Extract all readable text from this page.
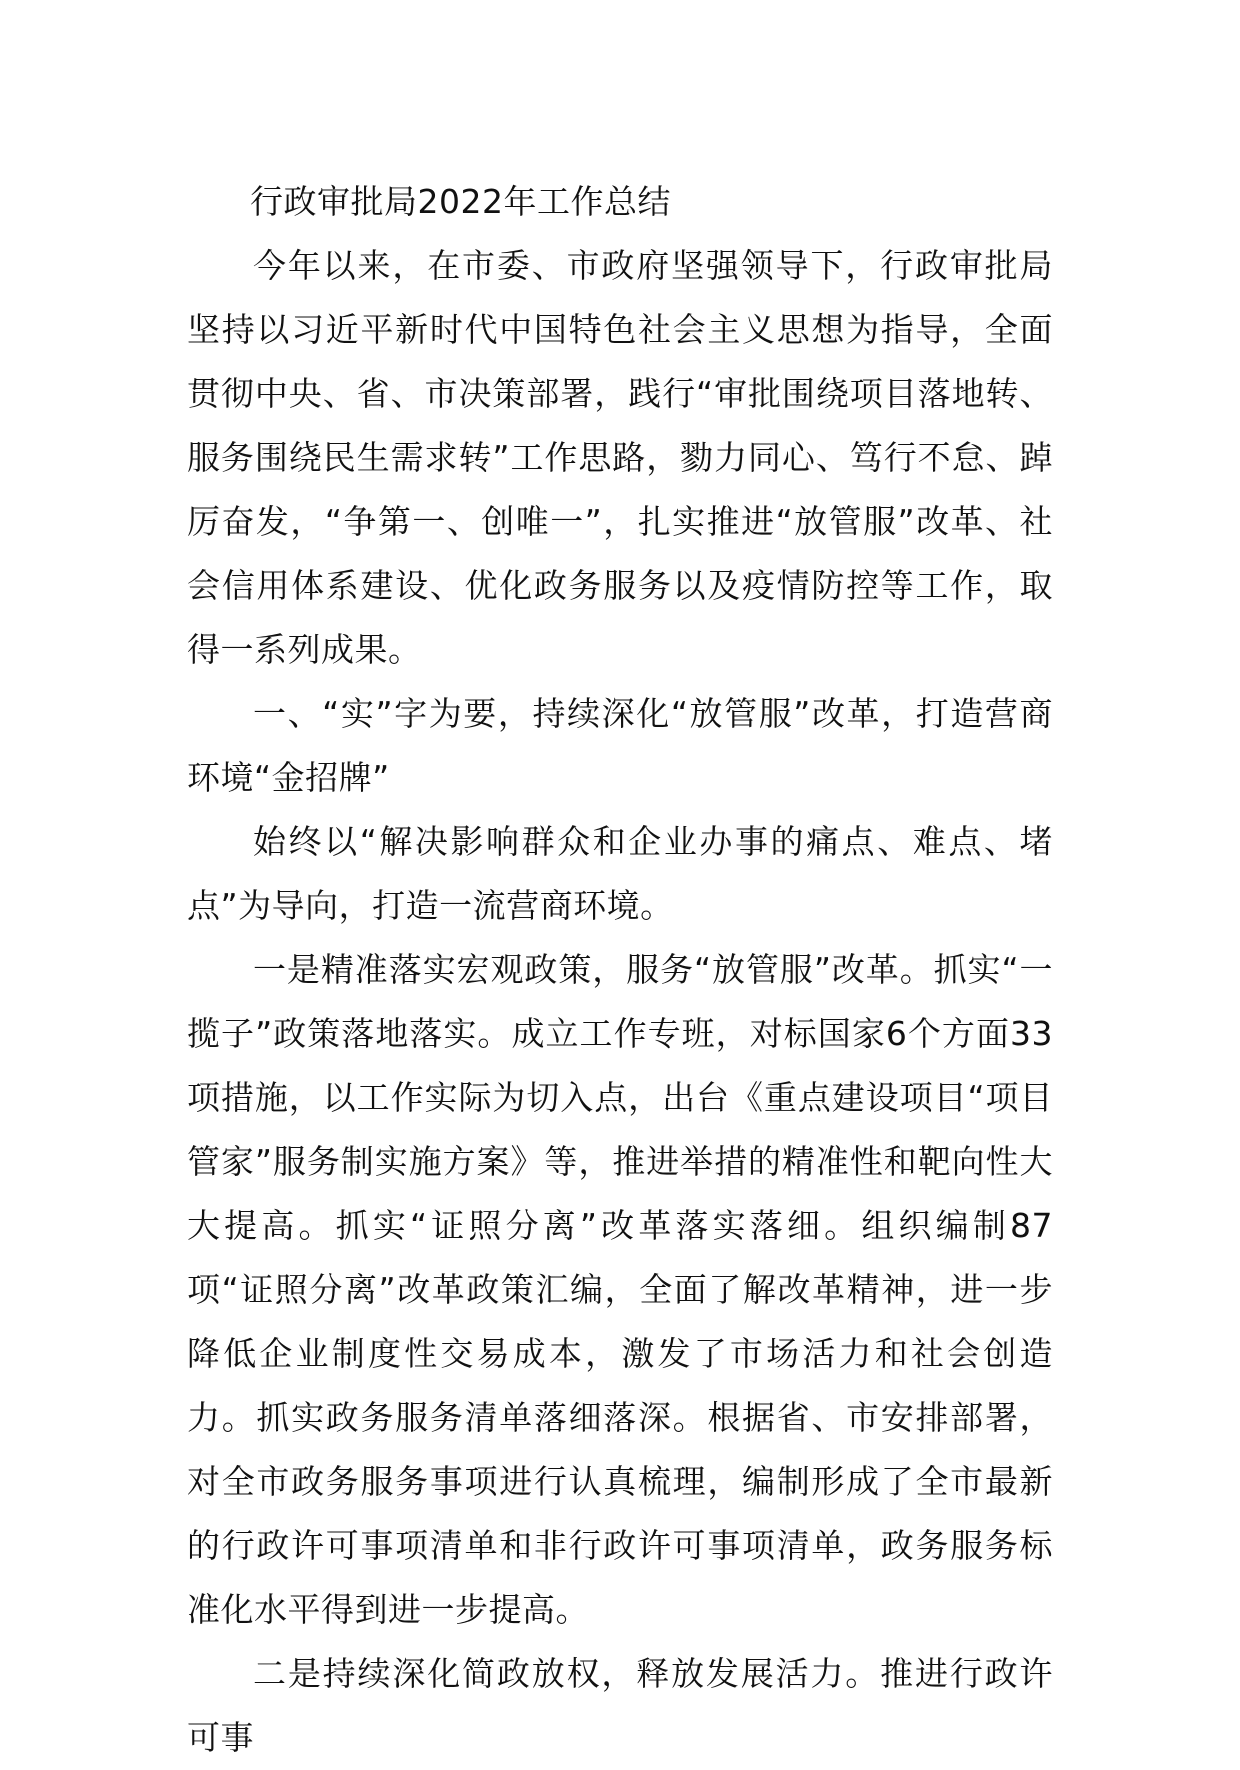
行政审批局2022年工作总结

今年以来，在市委、市政府坚强领导下，行政审批局坚持以习近平新时代中国特色社会主义思想为指导，全面贯彻中央、省、市决策部署，践行“审批围绕项目落地转、服务围绕民生需求转”工作思路，勠力同心、笃行不怠、踔厉奋发，“争第一、创唯一”，扎实推进“放管服”改革、社会信用体系建设、优化政务服务以及疫情防控等工作，取得一系列成果。

一、“实”字为要，持续深化“放管服”改革，打造营商环境“金招牌”

始终以“解决影响群众和企业办事的痛点、难点、堵点”为导向，打造一流营商环境。

一是精准落实宏观政策，服务“放管服”改革。抓实“一揽子”政策落地落实。成立工作专班，对标国家6个方面33项措施，以工作实际为切入点，出台《重点建设项目“项目管家”服务制实施方案》等，推进举措的精准性和靶向性大大提高。抓实“证照分离”改革落实落细。组织编制87项“证照分离”改革政策汇编，全面了解改革精神，进一步降低企业制度性交易成本，激发了市场活力和社会创造力。抓实政务服务清单落细落深。根据省、市安排部署，对全市政务服务事项进行认真梳理，编制形成了全市最新的行政许可事项清单和非行政许可事项清单，政务服务标准化水平得到进一步提高。

二是持续深化简政放权，释放发展活力。推进行政许可事
